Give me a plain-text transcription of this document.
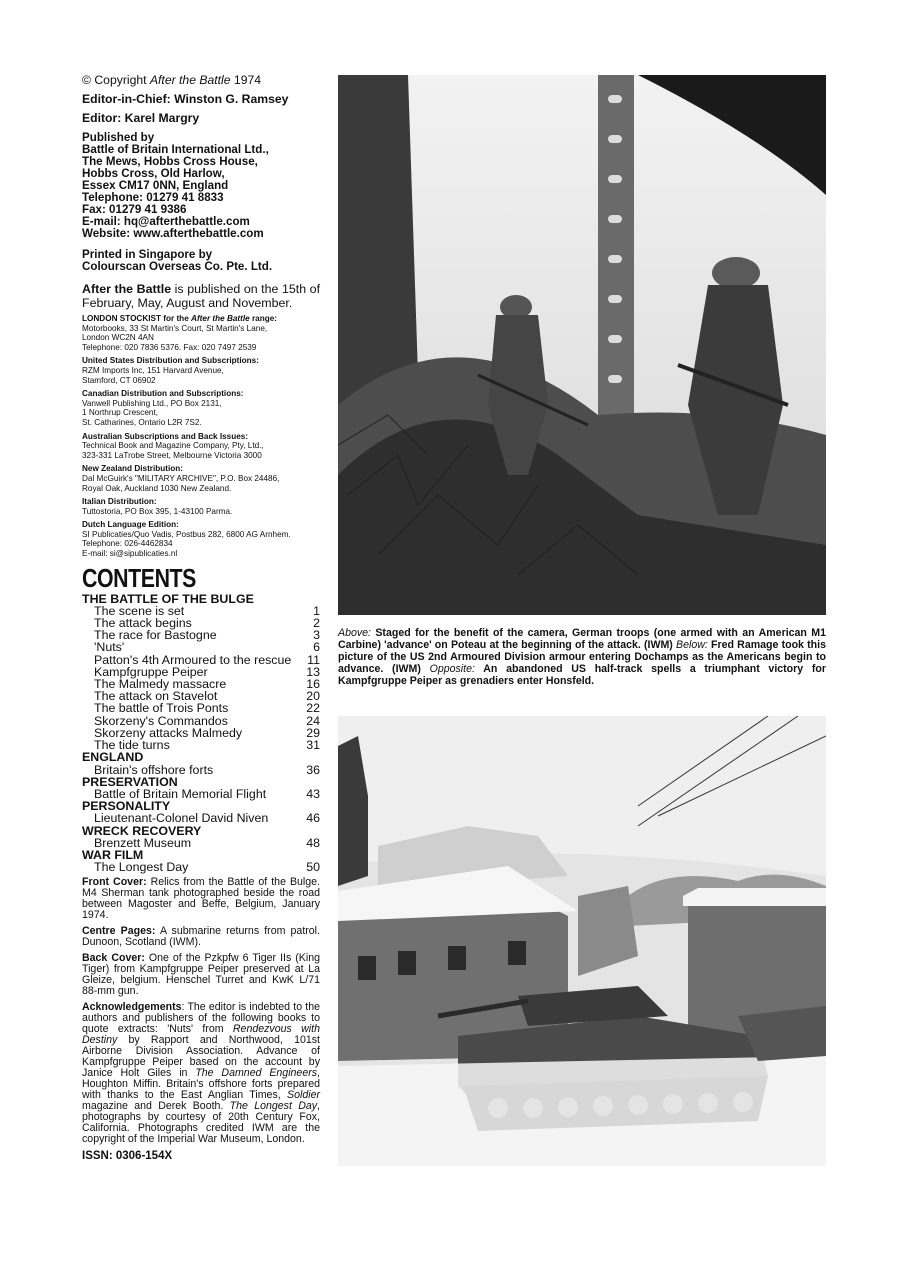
© Copyright After the Battle 1974
Editor-in-Chief: Winston G. Ramsey
Editor: Karel Margry
Published by
Battle of Britain International Ltd.,
The Mews, Hobbs Cross House,
Hobbs Cross, Old Harlow,
Essex CM17 0NN, England
Telephone: 01279 41 8833
Fax: 01279 41 9386
E-mail: hq@afterthebattle.com
Website: www.afterthebattle.com
Printed in Singapore by
Colourscan Overseas Co. Pte. Ltd.
After the Battle is published on the 15th of February, May, August and November.
LONDON STOCKIST for the After the Battle range:
Motorbooks, 33 St Martin's Court, St Martin's Lane,
London WC2N 4AN
Telephone: 020 7836 5376. Fax: 020 7497 2539
United States Distribution and Subscriptions:
RZM Imports Inc, 151 Harvard Avenue,
Stamford, CT 06902
Canadian Distribution and Subscriptions:
Vanwell Publishing Ltd., PO Box 2131,
1 Northrup Crescent,
St. Catharines, Ontario L2R 7S2.
Australian Subscriptions and Back Issues:
Technical Book and Magazine Company, Pty, Ltd.,
323-331 LaTrobe Street, Melbourne Victoria 3000
New Zealand Distribution:
Dal McGuirk's "MILITARY ARCHIVE", P.O. Box 24486,
Royal Oak, Auckland 1030 New Zealand.
Italian Distribution:
Tuttostoria, PO Box 395, 1-43100 Parma.
Dutch Language Edition:
SI Publicaties/Quo Vadis, Postbus 282, 6800 AG Arnhem.
Telephone: 026-4462834
E-mail: si@sipublicaties.nl
CONTENTS
THE BATTLE OF THE BULGE
The scene is set	1
The attack begins	2
The race for Bastogne	3
'Nuts'	6
Patton's 4th Armoured to the rescue 11
Kampfgruppe Peiper	13
The Malmedy massacre	16
The attack on Stavelot	20
The battle of Trois Ponts	22
Skorzeny's Commandos	24
Skorzeny attacks Malmedy	29
The tide turns	31
ENGLAND
Britain's offshore forts	36
PRESERVATION
Battle of Britain Memorial Flight	43
PERSONALITY
Lieutenant-Colonel David Niven	46
WRECK RECOVERY
Brenzett Museum	48
WAR FILM
The Longest Day	50

Front Cover: Relics from the Battle of the Bulge. M4 Sherman tank photographed beside the road between Magoster and Beffe, Belgium, January 1974.

Centre Pages: A submarine returns from patrol. Dunoon, Scotland (IWM).

Back Cover: One of the Pzkpfw 6 Tiger IIs (King Tiger) from Kampfgruppe Peiper preserved at La Gleize, belgium. Henschel Turret and KwK L/71 88-mm gun.

Acknowledgements: The editor is indebted to the authors and publishers of the following books to quote extracts: 'Nuts' from Rendezvous with Destiny by Rapport and Northwood, 101st Airborne Division Association. Advance of Kampfgruppe Peiper based on the account by Janice Holt Giles in The Damned Engineers, Houghton Miffin. Britain's offshore forts prepared with thanks to the East Anglian Times, Soldier magazine and Derek Booth. The Longest Day, photographs by courtesy of 20th Century Fox, California. Photographs credited IWM are the copyright of the Imperial War Museum, London.

ISSN: 0306-154X
Above: Staged for the benefit of the camera, German troops (one armed with an American M1 Carbine) 'advance' on Poteau at the beginning of the attack. (IWM) Below: Fred Ramage took this picture of the US 2nd Armoured Division armour entering Dochamps as the Americans begin to advance. (IWM) Opposite: An abandoned US half-track spells a triumphant victory for Kampfgruppe Peiper as grenadiers enter Honsfeld.
